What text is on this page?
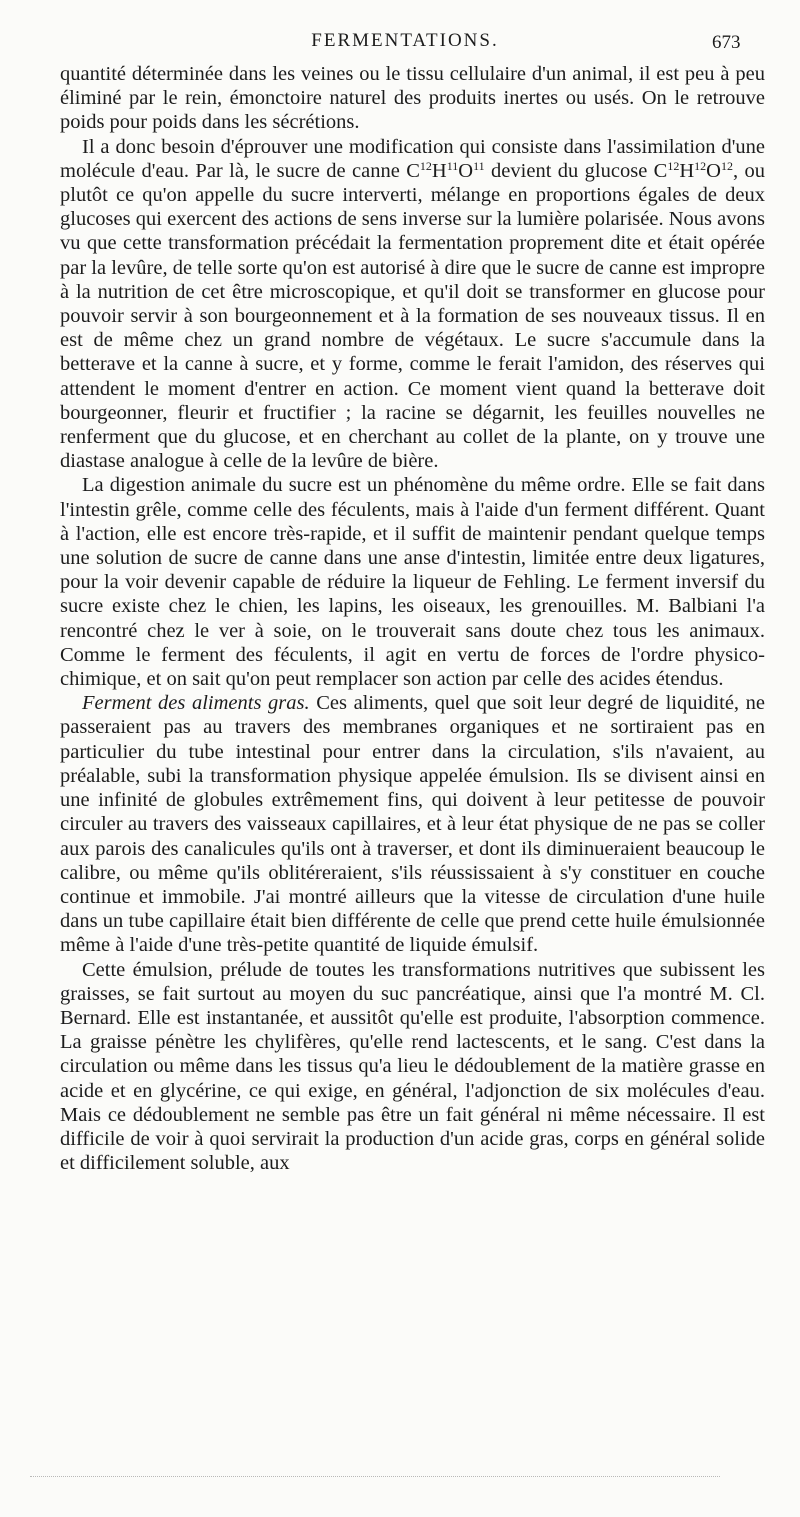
FERMENTATIONS.	673

quantité déterminée dans les veines ou le tissu cellulaire d'un animal, il est peu à peu éliminé par le rein, émonctoire naturel des produits inertes ou usés. On le retrouve poids pour poids dans les sécrétions.

Il a donc besoin d'éprouver une modification qui consiste dans l'assimilation d'une molécule d'eau. Par là, le sucre de canne $C^{12}H^{11}O^{11}$ devient du glucose $C^{12}H^{12}O^{12}$, ou plutôt ce qu'on appelle du sucre interverti, mélange en proportions égales de deux glucoses qui exercent des actions de sens inverse sur la lumière polarisée. Nous avons vu que cette transformation précédait la fermentation proprement dite et était opérée par la levûre, de telle sorte qu'on est autorisé à dire que le sucre de canne est impropre à la nutrition de cet être microscopique, et qu'il doit se transformer en glucose pour pouvoir servir à son bourgeonnement et à la formation de ses nouveaux tissus. Il en est de même chez un grand nombre de végétaux. Le sucre s'accumule dans la betterave et la canne à sucre, et y forme, comme le ferait l'amidon, des réserves qui attendent le moment d'entrer en action. Ce moment vient quand la betterave doit bourgeonner, fleurir et fructifier ; la racine se dégarnit, les feuilles nouvelles ne renferment que du glucose, et en cherchant au collet de la plante, on y trouve une diastase analogue à celle de la levûre de bière.

La digestion animale du sucre est un phénomène du même ordre. Elle se fait dans l'intestin grêle, comme celle des féculents, mais à l'aide d'un ferment différent. Quant à l'action, elle est encore très-rapide, et il suffit de maintenir pendant quelque temps une solution de sucre de canne dans une anse d'intestin, limitée entre deux ligatures, pour la voir devenir capable de réduire la liqueur de Fehling. Le ferment inversif du sucre existe chez le chien, les lapins, les oiseaux, les grenouilles. M. Balbiani l'a rencontré chez le ver à soie, on le trouverait sans doute chez tous les animaux. Comme le ferment des féculents, il agit en vertu de forces de l'ordre physico-chimique, et on sait qu'on peut remplacer son action par celle des acides étendus.

Ferment des aliments gras. Ces aliments, quel que soit leur degré de liquidité, ne passeraient pas au travers des membranes organiques et ne sortiraient pas en particulier du tube intestinal pour entrer dans la circulation, s'ils n'avaient, au préalable, subi la transformation physique appelée émulsion. Ils se divisent ainsi en une infinité de globules extrêmement fins, qui doivent à leur petitesse de pouvoir circuler au travers des vaisseaux capillaires, et à leur état physique de ne pas se coller aux parois des canalicules qu'ils ont à traverser, et dont ils diminueraient beaucoup le calibre, ou même qu'ils oblitéreraient, s'ils réussissaient à s'y constituer en couche continue et immobile. J'ai montré ailleurs que la vitesse de circulation d'une huile dans un tube capillaire était bien différente de celle que prend cette huile émulsionnée même à l'aide d'une très-petite quantité de liquide émulsif.

Cette émulsion, prélude de toutes les transformations nutritives que subissent les graisses, se fait surtout au moyen du suc pancréatique, ainsi que l'a montré M. Cl. Bernard. Elle est instantanée, et aussitôt qu'elle est produite, l'absorption commence. La graisse pénètre les chylifères, qu'elle rend lactescents, et le sang. C'est dans la circulation ou même dans les tissus qu'a lieu le dédoublement de la matière grasse en acide et en glycérine, ce qui exige, en général, l'adjonction de six molécules d'eau. Mais ce dédoublement ne semble pas être un fait général ni même nécessaire. Il est difficile de voir à quoi servirait la production d'un acide gras, corps en général solide et difficilement soluble, aux
